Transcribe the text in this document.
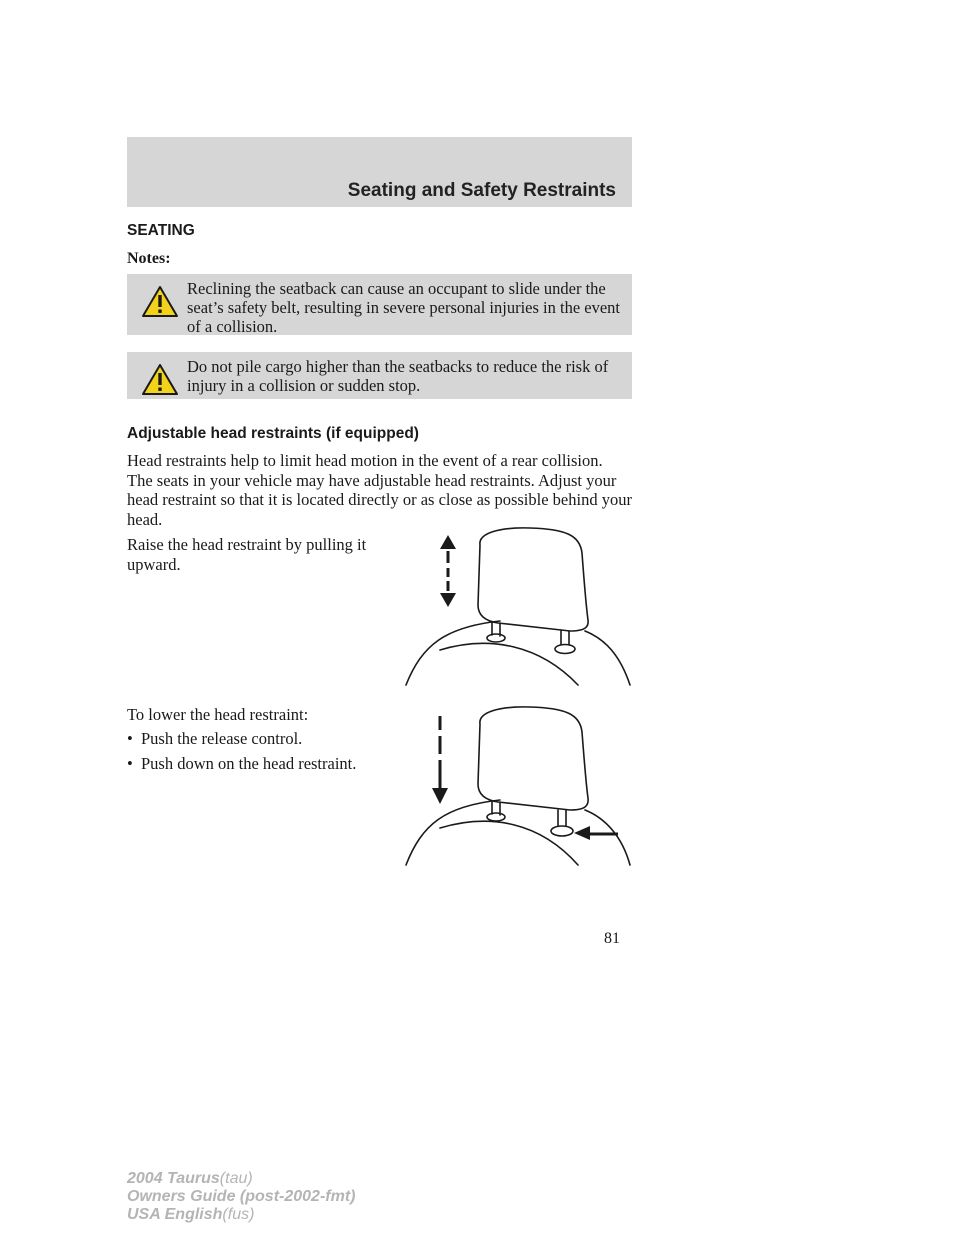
Seating and Safety Restraints
SEATING
Notes:
Reclining the seatback can cause an occupant to slide under the seat’s safety belt, resulting in severe personal injuries in the event of a collision.
Do not pile cargo higher than the seatbacks to reduce the risk of injury in a collision or sudden stop.
Adjustable head restraints (if equipped)
Head restraints help to limit head motion in the event of a rear collision. The seats in your vehicle may have adjustable head restraints. Adjust your head restraint so that it is located directly or as close as possible behind your head.
Raise the head restraint by pulling it upward.
To lower the head restraint:
• Push the release control.
• Push down on the head restraint.
81
2004 Taurus(tau)
Owners Guide (post-2002-fmt)
USA English(fus)
